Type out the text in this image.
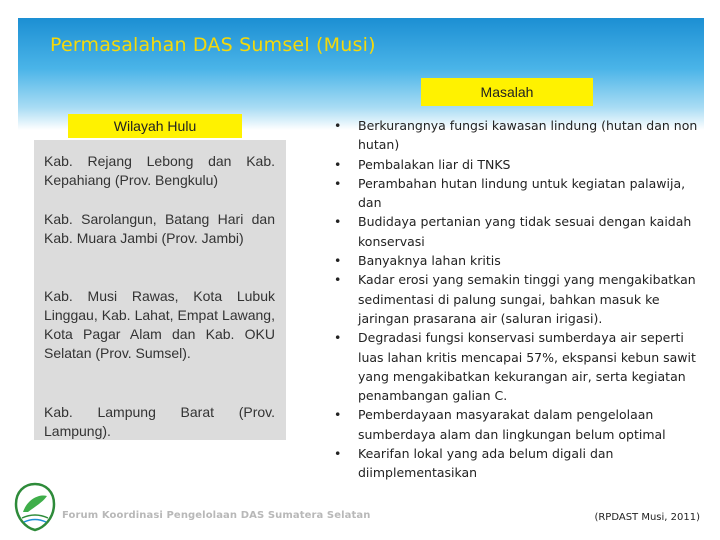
Permasalahan DAS Sumsel (Musi)
Masalah
Wilayah Hulu
Kab. Rejang Lebong dan Kab. Kepahiang (Prov. Bengkulu)
Kab. Sarolangun, Batang Hari dan Kab. Muara Jambi (Prov. Jambi)
Kab. Musi Rawas, Kota Lubuk Linggau, Kab. Lahat, Empat Lawang, Kota Pagar Alam dan Kab. OKU Selatan (Prov. Sumsel).
Kab. Lampung Barat (Prov. Lampung).
• Berkurangnya fungsi kawasan lindung (hutan dan non hutan)
• Pembalakan liar di TNKS
• Perambahan hutan lindung untuk kegiatan palawija, dan
• Budidaya pertanian yang tidak sesuai dengan kaidah konservasi
• Banyaknya lahan kritis
• Kadar erosi yang semakin tinggi yang mengakibatkan sedimentasi di palung sungai, bahkan masuk ke jaringan prasarana air (saluran irigasi).
• Degradasi fungsi konservasi sumberdaya air seperti luas lahan kritis mencapai 57%, ekspansi kebun sawit yang mengakibatkan kekurangan air, serta kegiatan penambangan galian C.
• Pemberdayaan masyarakat dalam pengelolaan sumberdaya alam dan lingkungan belum optimal
• Kearifan lokal yang ada belum digali dan diimplementasikan
Forum Koordinasi Pengelolaan DAS Sumatera Selatan	(RPDAST Musi, 2011)
